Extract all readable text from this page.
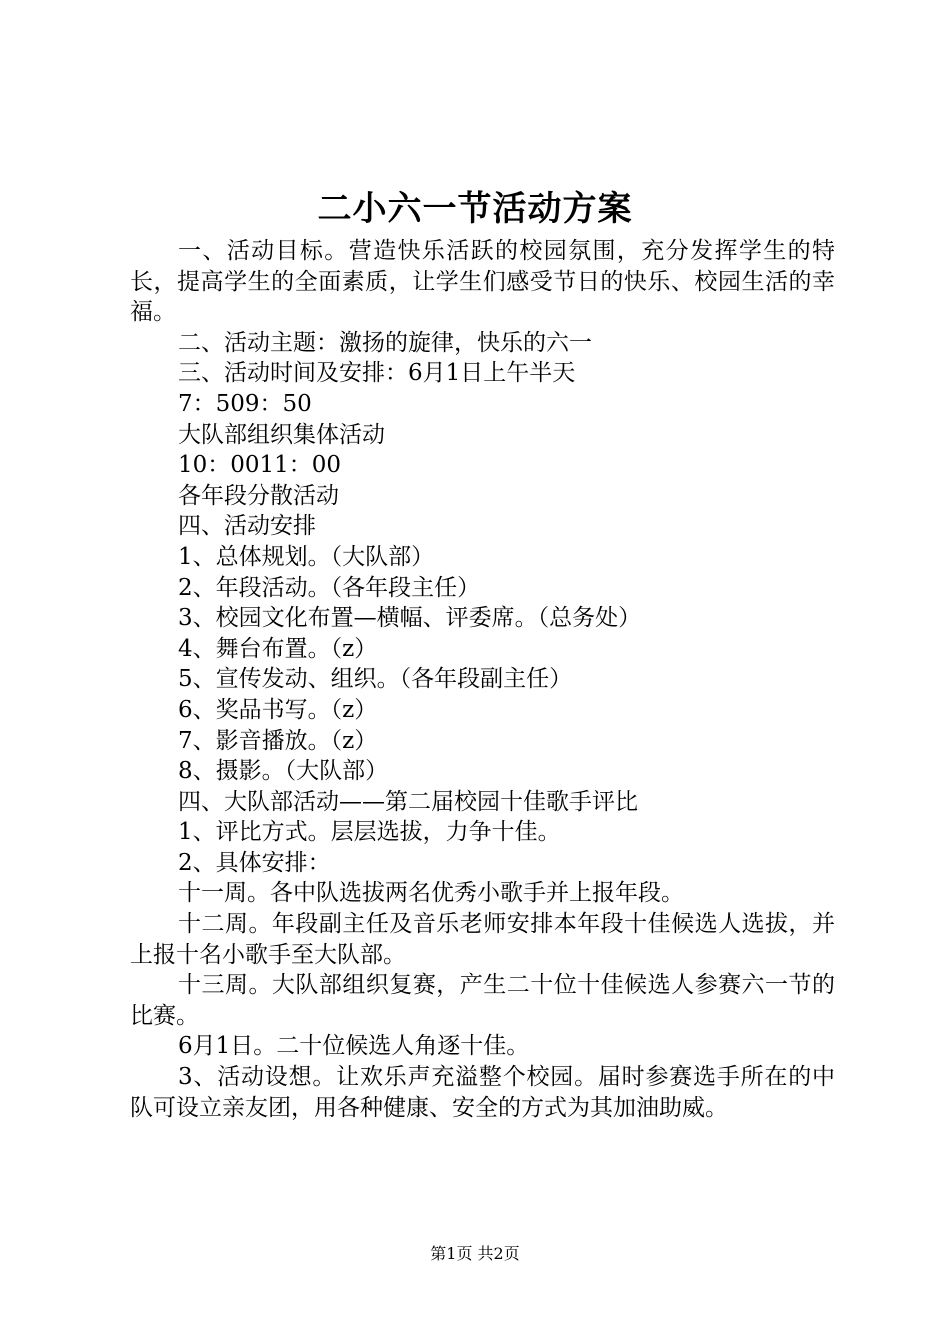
二小六一节活动方案

一、活动目标。营造快乐活跃的校园氛围，充分发挥学生的特长，提高学生的全面素质，让学生们感受节日的快乐、校园生活的幸福。

二、活动主题：激扬的旋律，快乐的六一

三、活动时间及安排：6月1日上午半天

7：509：50

大队部组织集体活动

10：0011：00

各年段分散活动

四、活动安排

1、总体规划。（大队部）

2、年段活动。（各年段主任）

3、校园文化布置—横幅、评委席。（总务处）

4、舞台布置。（z）

5、宣传发动、组织。（各年段副主任）

6、奖品书写。（z）

7、影音播放。（z）

8、摄影。（大队部）

四、大队部活动——第二届校园十佳歌手评比

1、评比方式。层层选拔，力争十佳。

2、具体安排：

十一周。各中队选拔两名优秀小歌手并上报年段。

十二周。年段副主任及音乐老师安排本年段十佳候选人选拔，并上报十名小歌手至大队部。

十三周。大队部组织复赛，产生二十位十佳候选人参赛六一节的比赛。

6月1日。二十位候选人角逐十佳。

3、活动设想。让欢乐声充溢整个校园。届时参赛选手所在的中队可设立亲友团，用各种健康、安全的方式为其加油助威。

第1页 共2页
